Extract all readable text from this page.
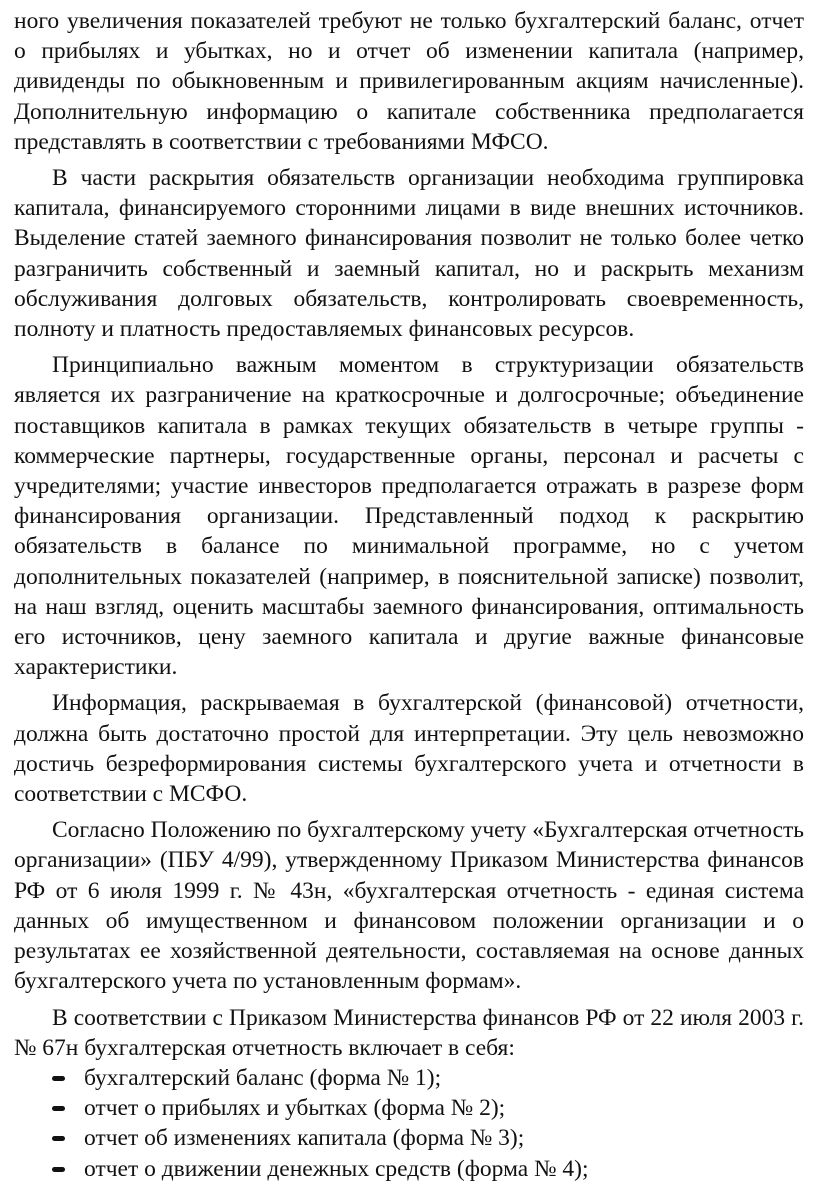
ного увеличения показателей требуют не только бухгалтерский баланс, отчет о прибылях и убытках, но и отчет об изменении капитала (например, дивиденды по обыкновенным и привилегированным акциям начисленные). Дополнительную информацию о капитале собственника предполагается представлять в соответствии с требованиями МФСО.

В части раскрытия обязательств организации необходима группировка капитала, финансируемого сторонними лицами в виде внешних источников. Выделение статей заемного финансирования позволит не только более четко разграничить собственный и заемный капитал, но и раскрыть механизм обслуживания долговых обязательств, контролировать своевременность, полноту и платность предоставляемых финансовых ресурсов.

Принципиально важным моментом в структуризации обязательств является их разграничение на краткосрочные и долгосрочные; объединение поставщиков капитала в рамках текущих обязательств в четыре группы - коммерческие партнеры, государственные органы, персонал и расчеты с учредителями; участие инвесторов предполагается отражать в разрезе форм финансирования организации. Представленный подход к раскрытию обязательств в балансе по минимальной программе, но с учетом дополнительных показателей (например, в пояснительной записке) позволит, на наш взгляд, оценить масштабы заемного финансирования, оптимальность его источников, цену заемного капитала и другие важные финансовые характеристики.

Информация, раскрываемая в бухгалтерской (финансовой) отчетности, должна быть достаточно простой для интерпретации. Эту цель невозможно достичь безреформирования системы бухгалтерского учета и отчетности в соответствии с МСФО.

Согласно Положению по бухгалтерскому учету «Бухгалтерская отчетность организации» (ПБУ 4/99), утвержденному Приказом Министерства финансов РФ от 6 июля 1999 г. № 43н, «бухгалтерская отчетность - единая система данных об имущественном и финансовом положении организации и о результатах ее хозяйственной деятельности, составляемая на основе данных бухгалтерского учета по установленным формам».

В соответствии с Приказом Министерства финансов РФ от 22 июля 2003 г. № 67н бухгалтерская отчетность включает в себя:

бухгалтерский баланс (форма № 1);
отчет о прибылях и убытках (форма № 2);
отчет об изменениях капитала (форма № 3);
отчет о движении денежных средств (форма № 4);
